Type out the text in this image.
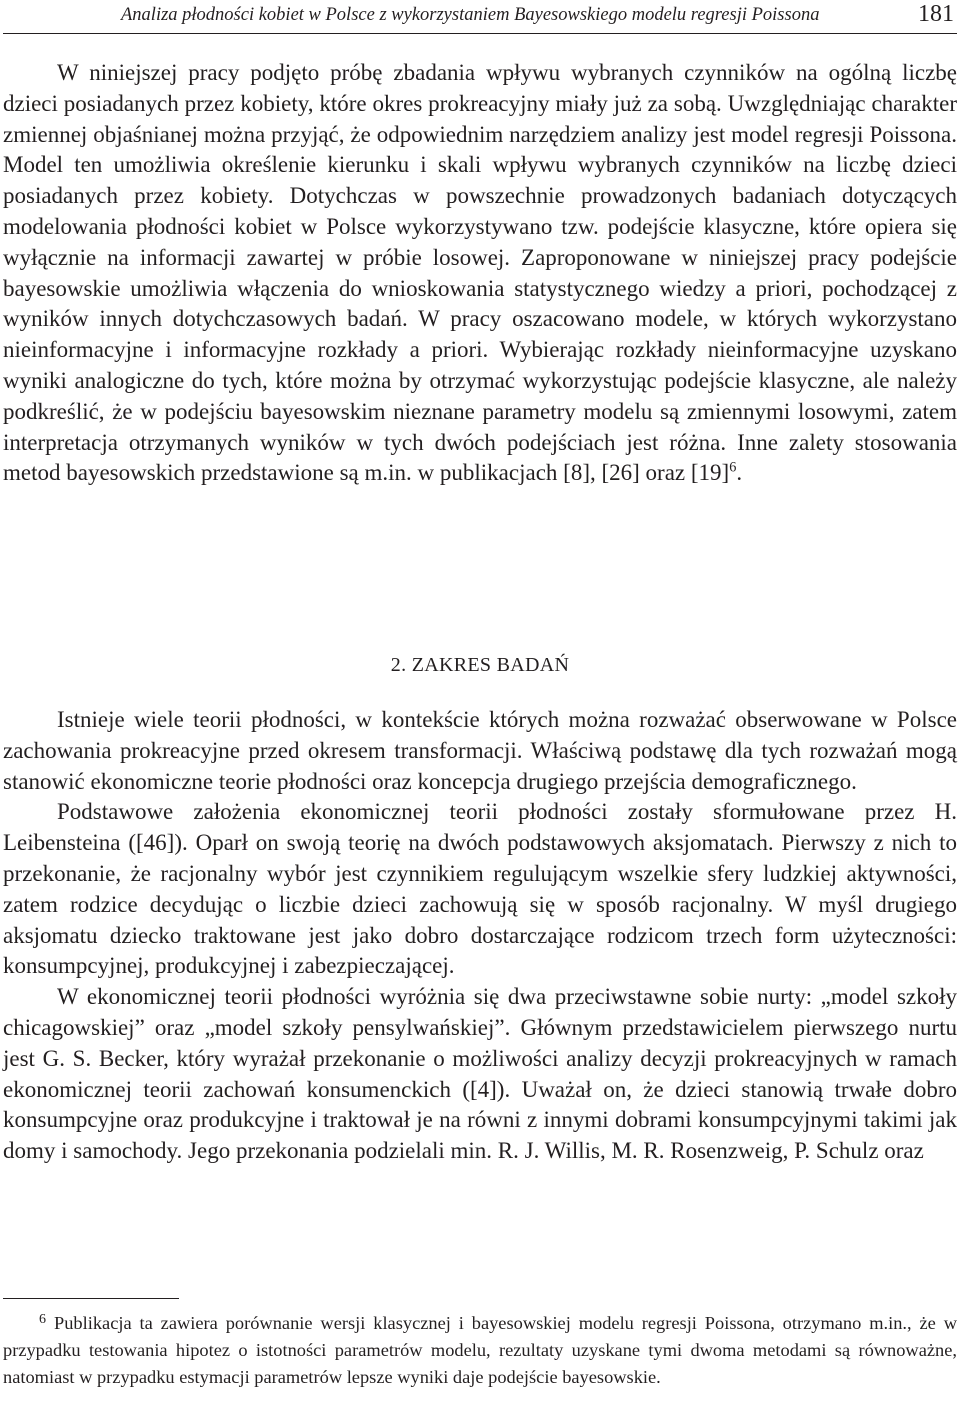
Analiza płodności kobiet w Polsce z wykorzystaniem Bayesowskiego modelu regresji Poissona	181

W niniejszej pracy podjęto próbę zbadania wpływu wybranych czynników na ogólną liczbę dzieci posiadanych przez kobiety, które okres prokreacyjny miały już za sobą. Uwzględniając charakter zmiennej objaśnianej można przyjąć, że odpowiednim narzędziem analizy jest model regresji Poissona. Model ten umożliwia określenie kierunku i skali wpływu wybranych czynników na liczbę dzieci posiadanych przez kobiety. Dotychczas w powszechnie prowadzonych badaniach dotyczących modelowania płodności kobiet w Polsce wykorzystywano tzw. podejście klasyczne, które opiera się wyłącznie na informacji zawartej w próbie losowej. Zaproponowane w niniejszej pracy podejście bayesowskie umożliwia włączenia do wnioskowania statystycznego wiedzy a priori, pochodzącej z wyników innych dotychczasowych badań. W pracy oszacowano modele, w których wykorzystano nieinformacyjne i informacyjne rozkłady a priori. Wybierając rozkłady nieinformacyjne uzyskano wyniki analogiczne do tych, które można by otrzymać wykorzystując podejście klasyczne, ale należy podkreślić, że w podejściu bayesowskim nieznane parametry modelu są zmiennymi losowymi, zatem interpretacja otrzymanych wyników w tych dwóch podejściach jest różna. Inne zalety stosowania metod bayesowskich przedstawione są m.in. w publikacjach [8], [26] oraz $[19]^6$.

2. ZAKRES BADAŃ

Istnieje wiele teorii płodności, w kontekście których można rozważać obserwowane w Polsce zachowania prokreacyjne przed okresem transformacji. Właściwą podstawę dla tych rozważań mogą stanowić ekonomiczne teorie płodności oraz koncepcja drugiego przejścia demograficznego.

Podstawowe założenia ekonomicznej teorii płodności zostały sformułowane przez H. Leibensteina ([46]). Oparł on swoją teorię na dwóch podstawowych aksjomatach. Pierwszy z nich to przekonanie, że racjonalny wybór jest czynnikiem regulującym wszelkie sfery ludzkiej aktywności, zatem rodzice decydując o liczbie dzieci zachowują się w sposób racjonalny. W myśl drugiego aksjomatu dziecko traktowane jest jako dobro dostarczające rodzicom trzech form użyteczności: konsumpcyjnej, produkcyjnej i zabezpieczającej.

W ekonomicznej teorii płodności wyróżnia się dwa przeciwstawne sobie nurty: „model szkoły chicagowskiej” oraz „model szkoły pensylwańskiej”. Głównym przedstawicielem pierwszego nurtu jest G. S. Becker, który wyrażał przekonanie o możliwości analizy decyzji prokreacyjnych w ramach ekonomicznej teorii zachowań konsumenckich ([4]). Uważał on, że dzieci stanowią trwałe dobro konsumpcyjne oraz produkcyjne i traktował je na równi z innymi dobrami konsumpcyjnymi takimi jak domy i samochody. Jego przekonania podzielali min. R. J. Willis, M. R. Rosenzweig, P. Schulz oraz

$^6$ Publikacja ta zawiera porównanie wersji klasycznej i bayesowskiej modelu regresji Poissona, otrzymano m.in., że w przypadku testowania hipotez o istotności parametrów modelu, rezultaty uzyskane tymi dwoma metodami są równoważne, natomiast w przypadku estymacji parametrów lepsze wyniki daje podejście bayesowskie.
